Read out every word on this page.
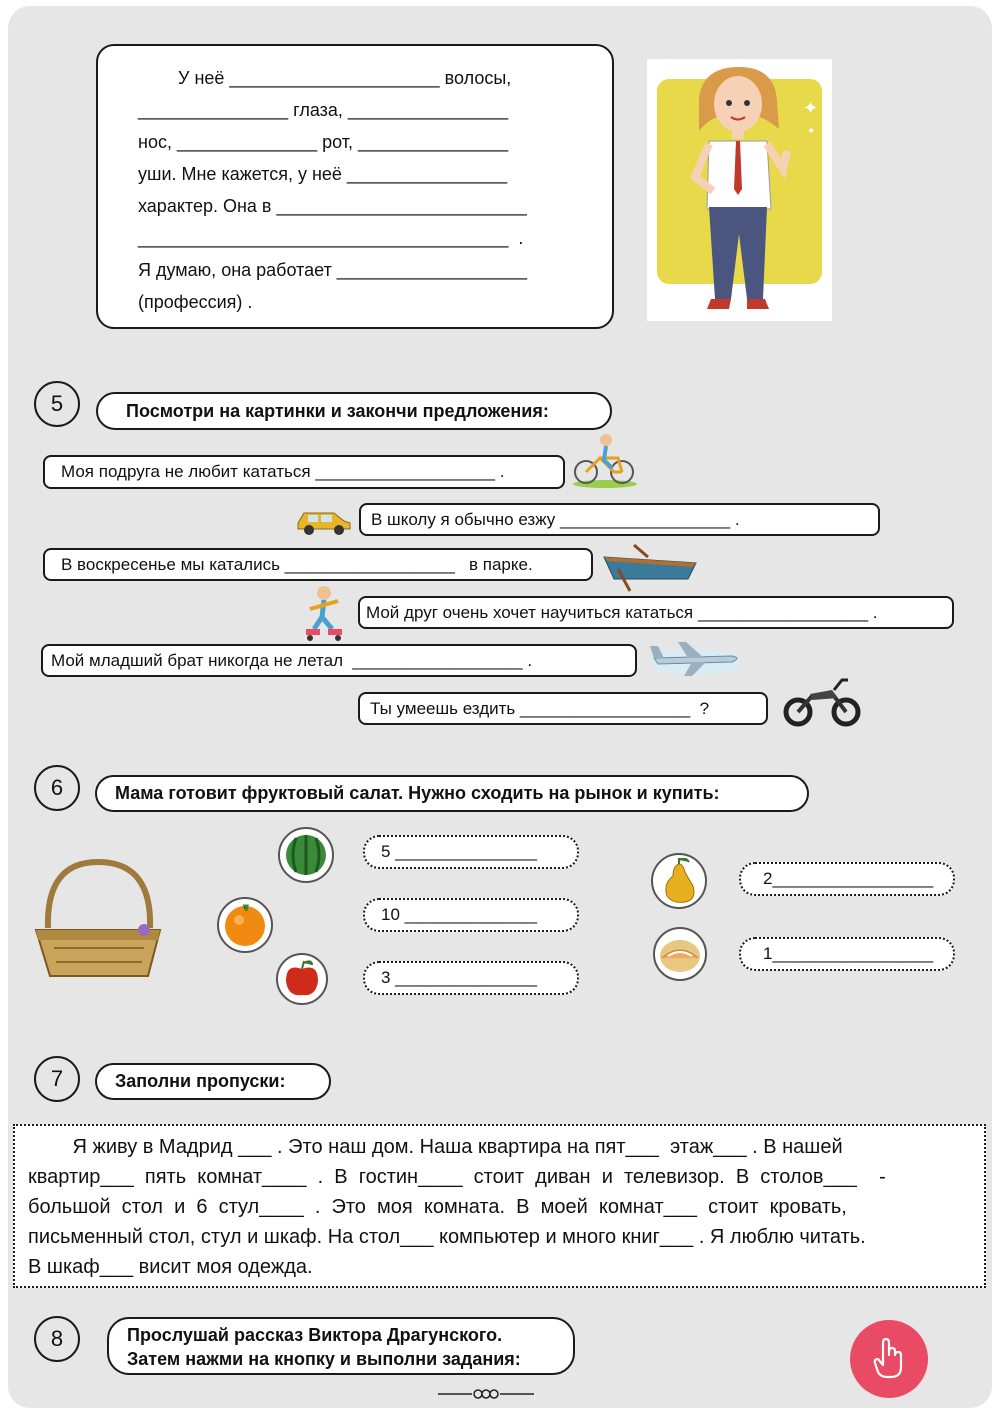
У неё _____________________ волосы,
_______________ глаза, ________________
нос, ______________ рот, _______________
уши. Мне кажется, у неё ________________
характер. Она в _________________________
_____________________________________  .
Я думаю, она работает ___________________
(профессия) .
✦
✦
5	Посмотри на картинки и закончи предложения:
Моя подруга не любит кататься ___________________ .
В школу я обычно езжу __________________ .
В воскресенье мы катались __________________   в парке.
Мой друг очень хочет научиться кататься __________________ .
Мой младший брат никогда не летал  __________________ .
Ты умеешь ездить __________________  ?
6	Мама готовит фруктовый салат. Нужно сходить на рынок и купить:
5 _______________
10 ______________
3 _______________
2_________________
1_________________
7	Заполни пропуски:
Я живу в Мадрид ___ . Это наш дом. Наша квартира на пят___  этаж___ . В нашей
квартир___  пять  комнат____  .  В  гостин____  стоит  диван  и  телевизор.  В  столов___    -
большой  стол  и  6  стул____  .  Это  моя  комната.  В  моей  комнат___  стоит  кровать,
письменный стол, стул и шкаф. На стол___ компьютер и много книг___ . Я люблю читать.
В шкаф___ висит моя одежда.
8	Прослушай рассказ Виктора Драгунского.
Затем нажми на кнопку и выполни задания:
